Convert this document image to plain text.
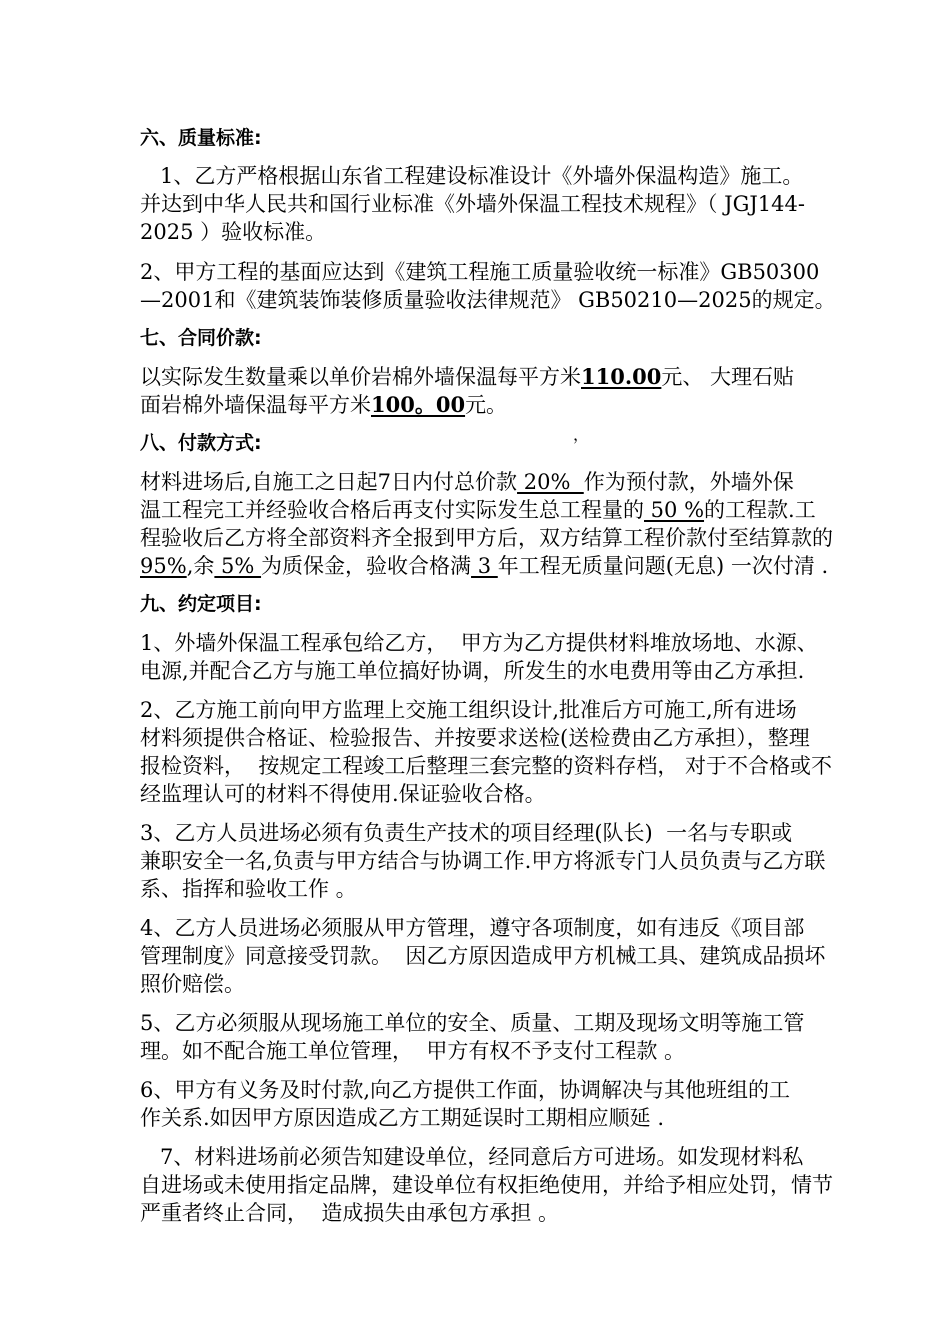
六、质量标准:
1、乙方严格根据山东省工程建设标准设计《外墙外保温构造》施工。
并达到中华人民共和国行业标准《外墙外保温工程技术规程》（ JGJ144-
2025 ）验收标准。
2、甲方工程的基面应达到《建筑工程施工质量验收统一标准》GB50300
—2001和《建筑装饰装修质量验收法律规范》 GB50210—2025的规定。
七、合同价款:
以实际发生数量乘以单价岩棉外墙保温每平方米110.00元、 大理石贴
面岩棉外墙保温每平方米100。00元。
八、付款方式:	，
材料进场后,自施工之日起7日内付总价款 20%  作为预付款，外墙外保
温工程完工并经验收合格后再支付实际发生总工程量的 50 %的工程款.工
程验收后乙方将全部资料齐全报到甲方后，双方结算工程价款付至结算款的
95%,余 5% 为质保金，验收合格满 3 年工程无质量问题(无息) 一次付清 .
九、约定项目:
1、外墙外保温工程承包给乙方，  甲方为乙方提供材料堆放场地、水源、
电源,并配合乙方与施工单位搞好协调，所发生的水电费用等由乙方承担.
2、乙方施工前向甲方监理上交施工组织设计,批准后方可施工,所有进场
材料须提供合格证、检验报告、并按要求送检(送检费由乙方承担），整理
报检资料，  按规定工程竣工后整理三套完整的资料存档， 对于不合格或不
经监理认可的材料不得使用.保证验收合格。
3、乙方人员进场必须有负责生产技术的项目经理(队长)  一名与专职或
兼职安全一名,负责与甲方结合与协调工作.甲方将派专门人员负责与乙方联
系、指挥和验收工作 。
4、乙方人员进场必须服从甲方管理，遵守各项制度，如有违反《项目部
管理制度》同意接受罚款。  因乙方原因造成甲方机械工具、建筑成品损坏
照价赔偿。
5、乙方必须服从现场施工单位的安全、质量、工期及现场文明等施工管
理。如不配合施工单位管理，  甲方有权不予支付工程款 。
6、甲方有义务及时付款,向乙方提供工作面，协调解决与其他班组的工
作关系.如因甲方原因造成乙方工期延误时工期相应顺延 .
7、材料进场前必须告知建设单位，经同意后方可进场。如发现材料私
自进场或未使用指定品牌，建设单位有权拒绝使用，并给予相应处罚，情节
严重者终止合同，  造成损失由承包方承担 。
